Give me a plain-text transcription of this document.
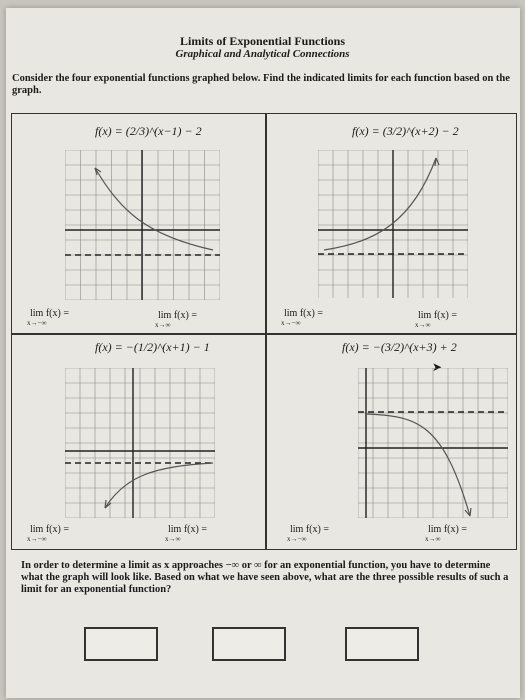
Limits of Exponential Functions
Graphical and Analytical Connections
Consider the four exponential functions graphed below. Find the indicated limits for each function based on the graph.
f(x) = (2/3)^(x−1) − 2
lim f(x) =
x→−∞
lim f(x) =
x→∞
f(x) = (3/2)^(x+2) − 2
lim f(x) =
x→−∞
lim f(x) =
x→∞
f(x) = −(1/2)^(x+1) − 1
lim f(x) =
x→−∞
lim f(x) =
x→∞
f(x) = −(3/2)^(x+3) + 2
➤
lim f(x) =
x→−∞
lim f(x) =
x→∞
In order to determine a limit as x approaches −∞ or ∞ for an exponential function, you have to determine what the graph will look like. Based on what we have seen above, what are the three possible results of such a limit for an exponential function?
